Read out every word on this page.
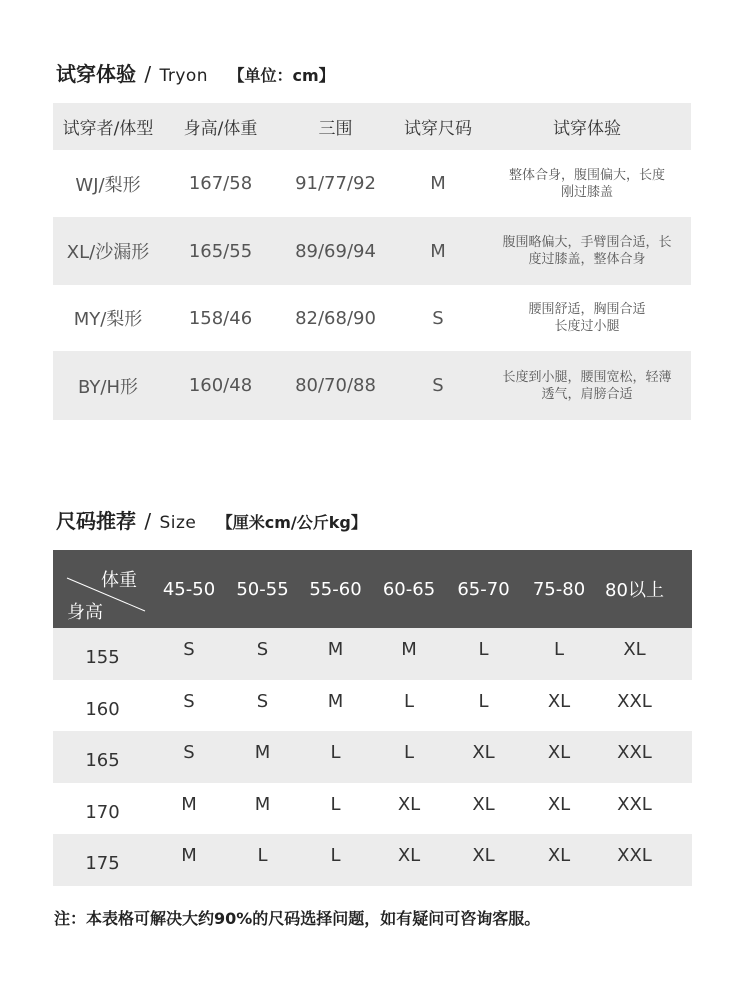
试穿体验 / Tryon 【单位：cm】
试穿者/体型	身高/体重	三围	试穿尺码	试穿体验
WJ/梨形	167/58	91/77/92	M	整体合身，腹围偏大，长度
刚过膝盖
XL/沙漏形	165/55	89/69/94	M	腹围略偏大，手臂围合适，长
度过膝盖，整体合身
MY/梨形	158/46	82/68/90	S	腰围舒适，胸围合适
长度过小腿
BY/H形	160/48	80/70/88	S	长度到小腿，腰围宽松，轻薄
透气，肩膀合适
尺码推荐 / Size 【厘米cm/公斤kg】
体重
身高
45-50	50-55	55-60	60-65	65-70	75-80	80以上
155	S	S	M	M	L	L	XL
160	S	S	M	L	L	XL	XXL
165	S	M	L	L	XL	XL	XXL
170	M	M	L	XL	XL	XL	XXL
175	M	L	L	XL	XL	XL	XXL
注：本表格可解决大约90%的尺码选择问题，如有疑问可咨询客服。
